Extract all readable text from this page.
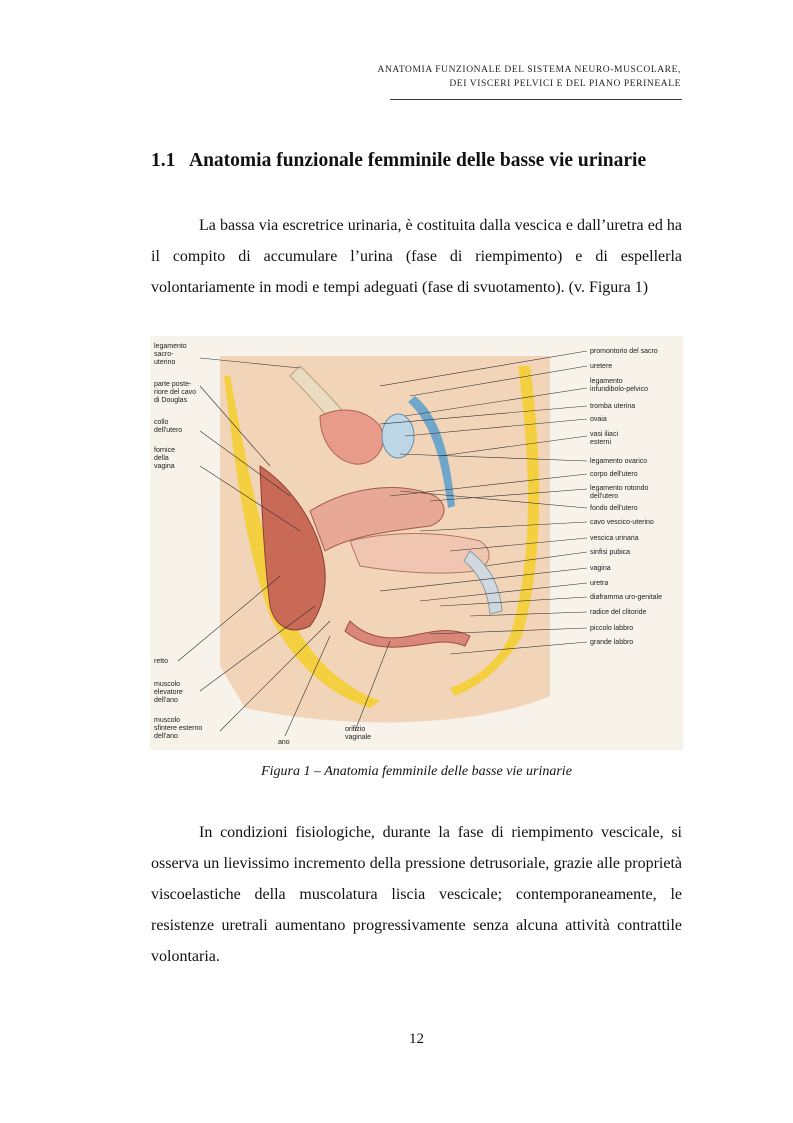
ANATOMIA FUNZIONALE DEL SISTEMA NEURO-MUSCOLARE,
DEI VISCERI PELVICI E DEL PIANO PERINEALE
1.1 Anatomia funzionale femminile delle basse vie urinarie

La bassa via escretrice urinaria, è costituita dalla vescica e dall’uretra ed ha il compito di accumulare l’urina (fase di riempimento) e di espellerla volontariamente in modi e tempi adeguati (fase di svuotamento). (v. Figura 1)

legamento sacro-uterino
parte poste-riore del cavo di Douglas
collo dell'utero
fornice della vagina
retto
muscolo elevatore dell'ano
muscolo sfintere esterno dell'ano
ano
orifizio vaginale
promontorio del sacro
uretere
legamento infundibolo-pelvico
tromba uterina
ovaia
vasi iliaci esterni
legamento ovarico
corpo dell'utero
legamento rotondo dell'utero
fondo dell'utero
cavo vescico-uterino
vescica urinaria
sinfisi pubica
vagina
uretra
diaframma uro-genitale
radice del clitoride
piccolo labbro
grande labbro
Figura 1 – Anatomia femminile delle basse vie urinarie

In condizioni fisiologiche, durante la fase di riempimento vescicale, si osserva un lievissimo incremento della pressione detrusoriale, grazie alle proprietà viscoelastiche della muscolatura liscia vescicale; contemporaneamente, le resistenze uretrali aumentano progressivamente senza alcuna attività contrattile volontaria.

12
